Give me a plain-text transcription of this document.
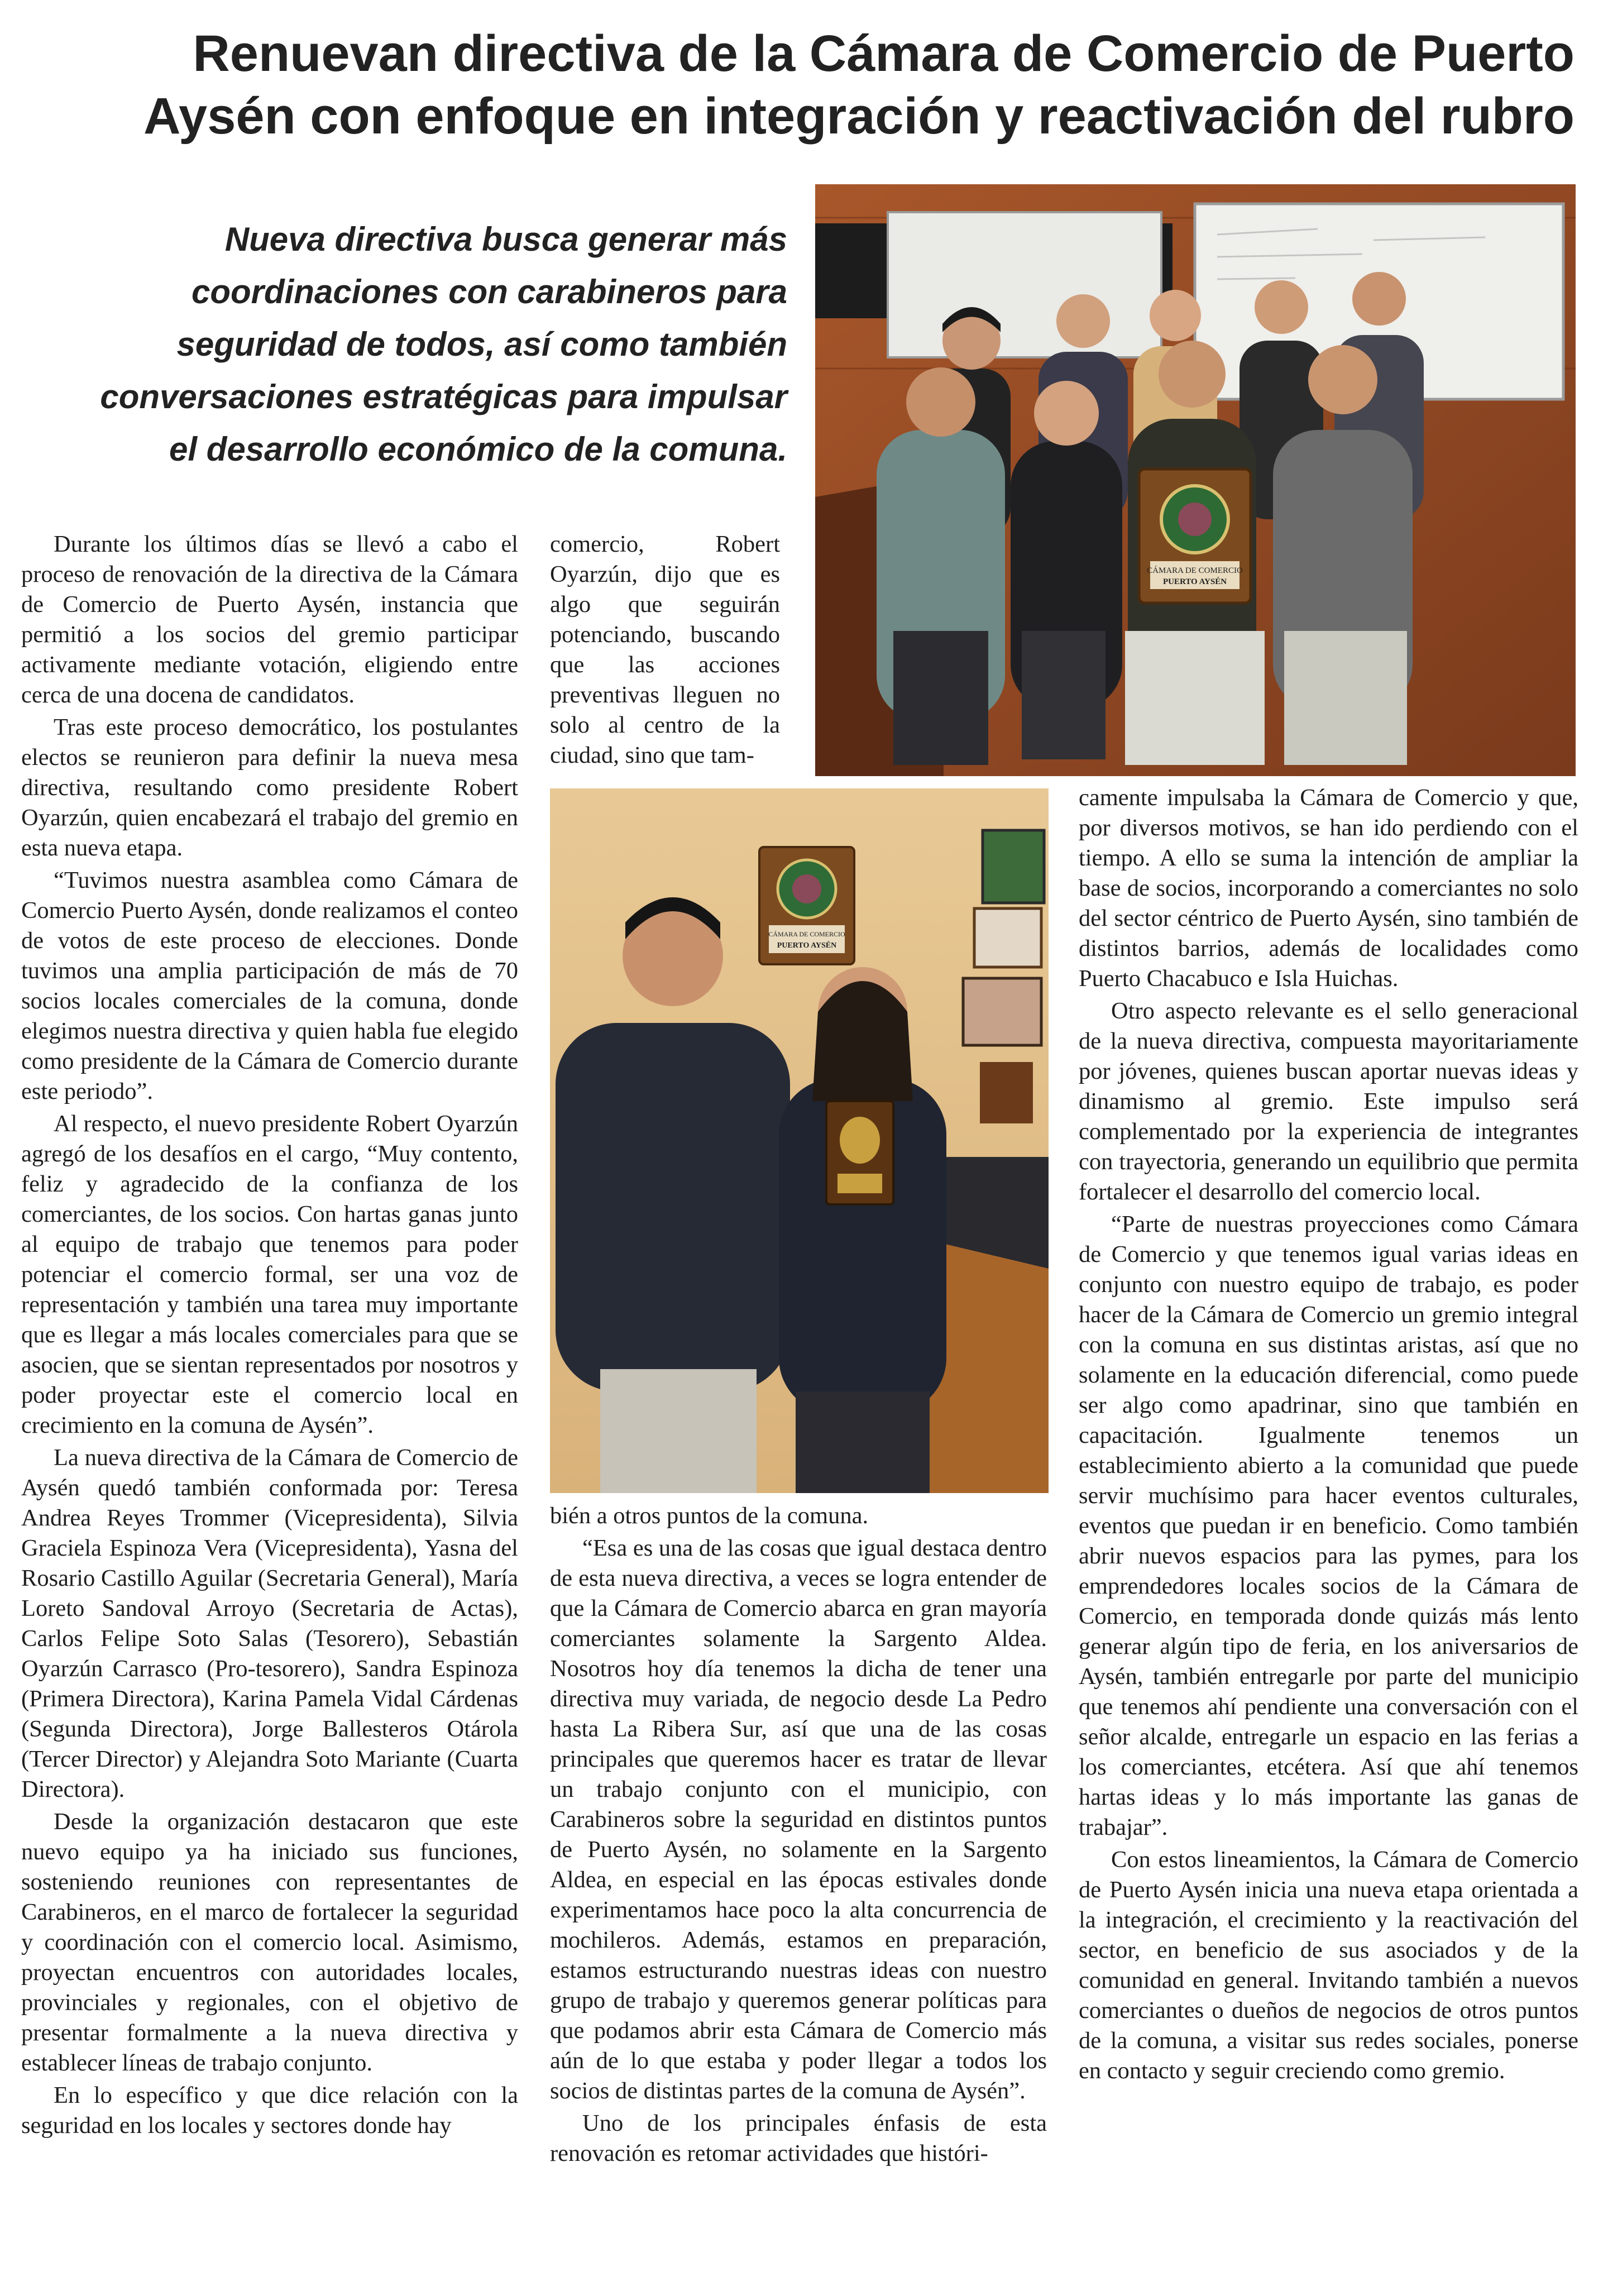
Renuevan directiva de la Cámara de Comercio de Puerto
Aysén con enfoque en integración y reactivación del rubro
Nueva directiva busca generar más
coordinaciones con carabineros para
seguridad de todos, así como también
conversaciones estratégicas para impulsar
el desarrollo económico de la comuna.
CÁMARA DE COMERCIO
PUERTO AYSÉN
CÁMARA DE COMERCIO
PUERTO AYSÉN

Durante los últimos días se llevó a cabo el proceso de renovación de la directiva de la Cámara de Comercio de Puerto Aysén, instancia que permitió a los socios del gremio participar activamente mediante votación, eligiendo entre cerca de una docena de candidatos.

Tras este proceso democrático, los postulantes electos se reunieron para definir la nueva mesa directiva, resultando como presidente Robert Oyarzún, quien encabezará el trabajo del gremio en esta nueva etapa.

“Tuvimos nuestra asamblea como Cámara de Comercio Puerto Aysén, donde realizamos el conteo de votos de este proceso de elecciones. Donde tuvimos una amplia participación de más de 70 socios locales comerciales de la comuna, donde elegimos nuestra directiva y quien habla fue elegido como presidente de la Cámara de Comercio durante este periodo”.

Al respecto, el nuevo presidente Robert Oyarzún agregó de los desafíos en el cargo, “Muy contento, feliz y agradecido de la confianza de los comerciantes, de los socios. Con hartas ganas junto al equipo de trabajo que tenemos para poder potenciar el comercio formal, ser una voz de representación y también una tarea muy importante que es llegar a más locales comerciales para que se asocien, que se sientan representados por nosotros y poder proyectar este el comercio local en crecimiento en la comuna de Aysén”.

La nueva directiva de la Cámara de Comercio de Aysén quedó también conformada por: Teresa Andrea Reyes Trommer (Vicepresidenta), Silvia Graciela Espinoza Vera (Vicepresidenta), Yasna del Rosario Castillo Aguilar (Secretaria General), María Loreto Sandoval Arroyo (Secretaria de Actas), Carlos Felipe Soto Salas (Tesorero), Sebastián Oyarzún Carrasco (Pro-tesorero), Sandra Espinoza (Primera Directora), Karina Pamela Vidal Cárdenas (Segunda Directora), Jorge Ballesteros Otárola (Tercer Director) y Alejandra Soto Mariante (Cuarta Directora).

Desde la organización destacaron que este nuevo equipo ya ha iniciado sus funciones, sosteniendo reuniones con representantes de Carabineros, en el marco de fortalecer la seguridad y coordinación con el comercio local. Asimismo, proyectan encuentros con autoridades locales, provinciales y regionales, con el objetivo de presentar formalmente a la nueva directiva y establecer líneas de trabajo conjunto.

En lo específico y que dice relación con la seguridad en los locales y sectores donde hay

comercio, Robert Oyarzún, dijo que es algo que seguirán potenciando, buscando que las acciones preventivas lleguen no solo al centro de la ciudad, sino que tam-

bién a otros puntos de la comuna.

“Esa es una de las cosas que igual destaca dentro de esta nueva directiva, a veces se logra entender de que la Cámara de Comercio abarca en gran mayoría comerciantes solamente la Sargento Aldea. Nosotros hoy día tenemos la dicha de tener una directiva muy variada, de negocio desde La Pedro hasta La Ribera Sur, así que una de las cosas principales que queremos hacer es tratar de llevar un trabajo conjunto con el municipio, con Carabineros sobre la seguridad en distintos puntos de Puerto Aysén, no solamente en la Sargento Aldea, en especial en las épocas estivales donde experimentamos hace poco la alta concurrencia de mochileros. Además, estamos en preparación, estamos estructurando nuestras ideas con nuestro grupo de trabajo y queremos generar políticas para que podamos abrir esta Cámara de Comercio más aún de lo que estaba y poder llegar a todos los socios de distintas partes de la comuna de Aysén”.

Uno de los principales énfasis de esta renovación es retomar actividades que históri-

camente impulsaba la Cámara de Comercio y que, por diversos motivos, se han ido perdiendo con el tiempo. A ello se suma la intención de ampliar la base de socios, incorporando a comerciantes no solo del sector céntrico de Puerto Aysén, sino también de distintos barrios, además de localidades como Puerto Chacabuco e Isla Huichas.

Otro aspecto relevante es el sello generacional de la nueva directiva, compuesta mayoritariamente por jóvenes, quienes buscan aportar nuevas ideas y dinamismo al gremio. Este impulso será complementado por la experiencia de integrantes con trayectoria, generando un equilibrio que permita fortalecer el desarrollo del comercio local.

“Parte de nuestras proyecciones como Cámara de Comercio y que tenemos igual varias ideas en conjunto con nuestro equipo de trabajo, es poder hacer de la Cámara de Comercio un gremio integral con la comuna en sus distintas aristas, así que no solamente en la educación diferencial, como puede ser algo como apadrinar, sino que también en capacitación. Igualmente tenemos un establecimiento abierto a la comunidad que puede servir muchísimo para hacer eventos culturales, eventos que puedan ir en beneficio. Como también abrir nuevos espacios para las pymes, para los emprendedores locales socios de la Cámara de Comercio, en temporada donde quizás más lento generar algún tipo de feria, en los aniversarios de Aysén, también entregarle por parte del municipio que tenemos ahí pendiente una conversación con el señor alcalde, entregarle un espacio en las ferias a los comerciantes, etcétera. Así que ahí tenemos hartas ideas y lo más importante las ganas de trabajar”.

Con estos lineamientos, la Cámara de Comercio de Puerto Aysén inicia una nueva etapa orientada a la integración, el crecimiento y la reactivación del sector, en beneficio de sus asociados y de la comunidad en general. Invitando también a nuevos comerciantes o dueños de negocios de otros puntos de la comuna, a visitar sus redes sociales, ponerse en contacto y seguir creciendo como gremio.
